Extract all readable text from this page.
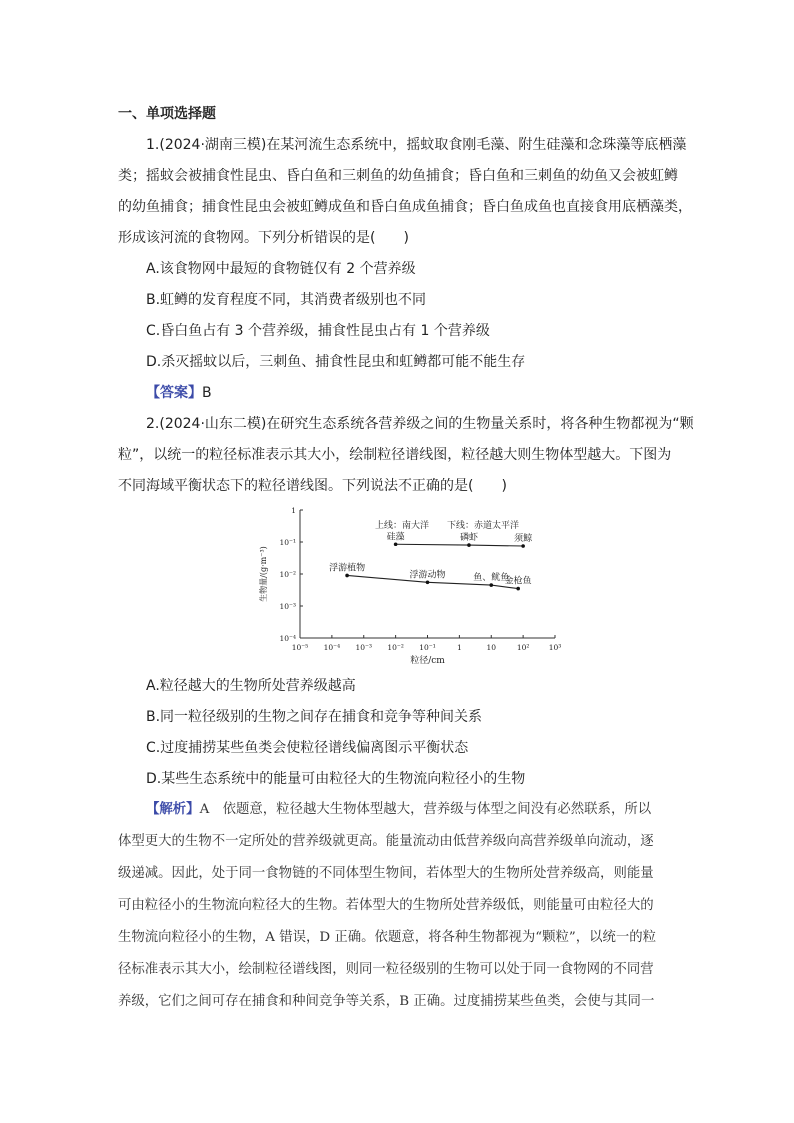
一、单项选择题
1.(2024·湖南三模)在某河流生态系统中，摇蚊取食刚毛藻、附生硅藻和念珠藻等底栖藻
类；摇蚊会被捕食性昆虫、昏白鱼和三刺鱼的幼鱼捕食；昏白鱼和三刺鱼的幼鱼又会被虹鳟
的幼鱼捕食；捕食性昆虫会被虹鳟成鱼和昏白鱼成鱼捕食；昏白鱼成鱼也直接食用底栖藻类，
形成该河流的食物网。下列分析错误的是(　　)
A.该食物网中最短的食物链仅有 2 个营养级
B.虹鳟的发育程度不同，其消费者级别也不同
C.昏白鱼占有 3 个营养级，捕食性昆虫占有 1 个营养级
D.杀灭摇蚊以后，三刺鱼、捕食性昆虫和虹鳟都可能不能生存
【答案】B
2.(2024·山东二模)在研究生态系统各营养级之间的生物量关系时，将各种生物都视为“颗
粒”，以统一的粒径标准表示其大小，绘制粒径谱线图，粒径越大则生物体型越大。下图为
不同海域平衡状态下的粒径谱线图。下列说法不正确的是(　　)
10⁻⁵ 10⁻⁴ 10⁻³ 10⁻² 10⁻¹	1	10	10²	10³
1
10⁻¹
10⁻²
10⁻³
10⁻⁴
粒径/cm
生物量/(g·m⁻³)
上线：南大洋　　下线：赤道太平洋
硅藻	磷虾	须鲸
浮游植物
浮游动物	鱼、鱿鱼
金枪鱼
A.粒径越大的生物所处营养级越高
B.同一粒径级别的生物之间存在捕食和竞争等种间关系
C.过度捕捞某些鱼类会使粒径谱线偏离图示平衡状态
D.某些生态系统中的能量可由粒径大的生物流向粒径小的生物
【解析】A　依题意，粒径越大生物体型越大，营养级与体型之间没有必然联系，所以
体型更大的生物不一定所处的营养级就更高。能量流动由低营养级向高营养级单向流动，逐
级递减。因此，处于同一食物链的不同体型生物间，若体型大的生物所处营养级高，则能量
可由粒径小的生物流向粒径大的生物。若体型大的生物所处营养级低，则能量可由粒径大的
生物流向粒径小的生物，A 错误，D 正确。依题意，将各种生物都视为“颗粒”，以统一的粒
径标准表示其大小，绘制粒径谱线图，则同一粒径级别的生物可以处于同一食物网的不同营
养级，它们之间可存在捕食和种间竞争等关系，B 正确。过度捕捞某些鱼类，会使与其同一
